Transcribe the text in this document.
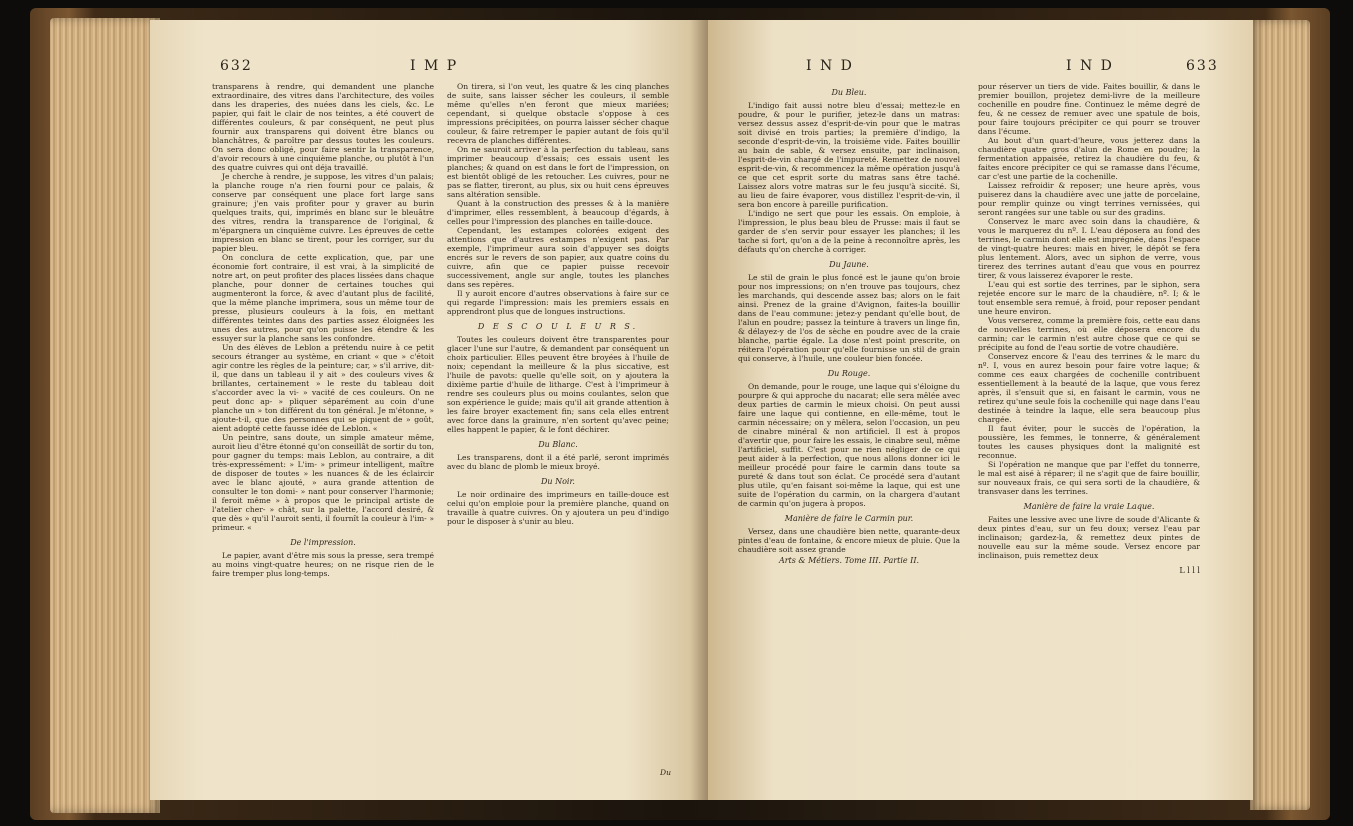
632	I M P

transparens à rendre, qui demandent une planche extraordinaire, des vitres dans l'architecture, des voiles dans les draperies, des nuées dans les ciels, &c. Le papier, qui fait le clair de nos teintes, a été couvert de différentes couleurs, & par conséquent, ne peut plus fournir aux transparens qui doivent être blancs ou blanchâtres, & paroître par dessus toutes les couleurs. On sera donc obligé, pour faire sentir la transparence, d'avoir recours à une cinquième planche, ou plutôt à l'un des quatre cuivres qui ont déja travaillé.

Je cherche à rendre, je suppose, les vitres d'un palais; la planche rouge n'a rien fourni pour ce palais, & conserve par conséquent une place fort large sans grainure; j'en vais profiter pour y graver au burin quelques traits, qui, imprimés en blanc sur le bleuâtre des vitres, rendra la transparence de l'original, & m'épargnera un cinquième cuivre. Les épreuves de cette impression en blanc se tirent, pour les corriger, sur du papier bleu.

On conclura de cette explication, que, par une économie fort contraire, il est vrai, à la simplicité de notre art, on peut profiter des places lissées dans chaque planche, pour donner de certaines touches qui augmenteront la force, & avec d'autant plus de facilité, que la même planche imprimera, sous un même tour de presse, plusieurs couleurs à la fois, en mettant différentes teintes dans des parties assez éloignées les unes des autres, pour qu'on puisse les étendre & les essuyer sur la planche sans les confondre.

Un des élèves de Leblon a prétendu nuire à ce petit secours étranger au système, en criant « que » c'étoit agir contre les règles de la peinture; car, » s'il arrive, dit-il, que dans un tableau il y ait » des couleurs vives & brillantes, certainement » le reste du tableau doit s'accorder avec la vi- » vacité de ces couleurs. On ne peut donc ap- » pliquer séparément au coin d'une planche un » ton différent du ton général. Je m'étonne, » ajoute-t-il, que des personnes qui se piquent de » goût, aient adopté cette fausse idée de Leblon. «

Un peintre, sans doute, un simple amateur même, auroit lieu d'être étonné qu'on conseillât de sortir du ton, pour gagner du temps: mais Leblon, au contraire, a dit très-expressément: » L'im- » primeur intelligent, maître de disposer de toutes » les nuances & de les éclaircir avec le blanc ajouté, » aura grande attention de consulter le ton domi- » nant pour conserver l'harmonie; il feroit même » à propos que le principal artiste de l'atelier cher- » chât, sur la palette, l'accord desiré, & que dès » qu'il l'auroit senti, il fournît la couleur à l'im- » primeur. «

De l'impression.

Le papier, avant d'être mis sous la presse, sera trempé au moins vingt-quatre heures; on ne risque rien de le faire tremper plus long-temps.

On tirera, si l'on veut, les quatre & les cinq planches de suite, sans laisser sécher les couleurs, il semble même qu'elles n'en feront que mieux mariées; cependant, si quelque obstacle s'oppose à ces impressions précipitées, on pourra laisser sécher chaque couleur, & faire retremper le papier autant de fois qu'il recevra de planches différentes.

On ne sauroit arriver à la perfection du tableau, sans imprimer beaucoup d'essais; ces essais usent les planches; & quand on est dans le fort de l'impression, on est bientôt obligé de les retoucher. Les cuivres, pour ne pas se flatter, tireront, au plus, six ou huit cens épreuves sans altération sensible.

Quant à la construction des presses & à la manière d'imprimer, elles ressemblent, à beaucoup d'égards, à celles pour l'impression des planches en taille-douce.

Cependant, les estampes colorées exigent des attentions que d'autres estampes n'exigent pas. Par exemple, l'imprimeur aura soin d'appuyer ses doigts encrés sur le revers de son papier, aux quatre coins du cuivre, afin que ce papier puisse recevoir successivement, angle sur angle, toutes les planches dans ses repères.

Il y auroit encore d'autres observations à faire sur ce qui regarde l'impression: mais les premiers essais en apprendront plus que de longues instructions.

D E S C O U L E U R S.

Toutes les couleurs doivent être transparentes pour glacer l'une sur l'autre, & demandent par conséquent un choix particulier. Elles peuvent être broyées à l'huile de noix; cependant la meilleure & la plus siccative, est l'huile de pavots: quelle qu'elle soit, on y ajoutera la dixième partie d'huile de litharge. C'est à l'imprimeur à rendre ses couleurs plus ou moins coulantes, selon que son expérience le guide; mais qu'il ait grande attention à les faire broyer exactement fin; sans cela elles entrent avec force dans la grainure, n'en sortent qu'avec peine; elles happent le papier, & le font déchirer.

Du Blanc.

Les transparens, dont il a été parlé, seront imprimés avec du blanc de plomb le mieux broyé.

Du Noir.

Le noir ordinaire des imprimeurs en taille-douce est celui qu'on emploie pour la première planche, quand on travaille à quatre cuivres. On y ajoutera un peu d'indigo pour le disposer à s'unir au bleu.

Du
I N D	I N D	633

Du Bleu.

L'indigo fait aussi notre bleu d'essai; mettez-le en poudre, & pour le purifier, jetez-le dans un matras: versez dessus assez d'esprit-de-vin pour que le matras soit divisé en trois parties; la première d'indigo, la seconde d'esprit-de-vin, la troisième vide. Faites bouillir au bain de sable, & versez ensuite, par inclinaison, l'esprit-de-vin chargé de l'impureté. Remettez de nouvel esprit-de-vin, & recommencez la même opération jusqu'à ce que cet esprit sorte du matras sans être taché. Laissez alors votre matras sur le feu jusqu'à siccité. Si, au lieu de faire évaporer, vous distillez l'esprit-de-vin, il sera bon encore à pareille purification.

L'indigo ne sert que pour les essais. On emploie, à l'impression, le plus beau bleu de Prusse: mais il faut se garder de s'en servir pour essayer les planches; il les tache si fort, qu'on a de la peine à reconnoître après, les défauts qu'on cherche à corriger.

Du Jaune.

Le stil de grain le plus foncé est le jaune qu'on broie pour nos impressions; on n'en trouve pas toujours, chez les marchands, qui descende assez bas; alors on le fait ainsi. Prenez de la graine d'Avignon, faites-la bouillir dans de l'eau commune: jetez-y pendant qu'elle bout, de l'alun en poudre; passez la teinture à travers un linge fin, & délayez-y de l'os de sèche en poudre avec de la craie blanche, partie égale. La dose n'est point prescrite, on réitera l'opération pour qu'elle fournisse un stil de grain qui conserve, à l'huile, une couleur bien foncée.

Du Rouge.

On demande, pour le rouge, une laque qui s'éloigne du pourpre & qui approche du nacarat; elle sera mêlée avec deux parties de carmin le mieux choisi. On peut aussi faire une laque qui contienne, en elle-même, tout le carmin nécessaire; on y mêlera, selon l'occasion, un peu de cinabre minéral & non artificiel. Il est à propos d'avertir que, pour faire les essais, le cinabre seul, même l'artificiel, suffit. C'est pour ne rien négliger de ce qui peut aider à la perfection, que nous allons donner ici le meilleur procédé pour faire le carmin dans toute sa pureté & dans tout son éclat. Ce procédé sera d'autant plus utile, qu'en faisant soi-même la laque, qui est une suite de l'opération du carmin, on la chargera d'autant de carmin qu'on jugera à propos.

Manière de faire le Carmin pur.

Versez, dans une chaudière bien nette, quarante-deux pintes d'eau de fontaine, & encore mieux de pluie. Que la chaudière soit assez grande

Arts & Métiers. Tome III. Partie II.

pour réserver un tiers de vide. Faites bouillir, & dans le premier bouillon, projetez demi-livre de la meilleure cochenille en poudre fine. Continuez le même degré de feu, & ne cessez de remuer avec une spatule de bois, pour faire toujours précipiter ce qui pourr se trouver dans l'écume.

Au bout d'un quart-d'heure, vous jetterez dans la chaudière quatre gros d'alun de Rome en poudre; la fermentation appaisée, retirez la chaudière du feu, & faites encore précipiter ce qui se ramasse dans l'écume, car c'est une partie de la cochenille.

Laissez refroidir & reposer; une heure après, vous puiserez dans la chaudière avec une jatte de porcelaine, pour remplir quinze ou vingt terrines vernissées, qui seront rangées sur une table ou sur des gradins.

Conservez le marc avec soin dans la chaudière, & vous le marquerez du nº. I. L'eau déposera au fond des terrines, le carmin dont elle est imprégnée, dans l'espace de vingt-quatre heures: mais en hiver, le dépôt se fera plus lentement. Alors, avec un siphon de verre, vous tirerez des terrines autant d'eau que vous en pourrez tirer, & vous laisserez évaporer le reste.

L'eau qui est sortie des terrines, par le siphon, sera rejetée encore sur le marc de la chaudière, nº. I; & le tout ensemble sera remué, à froid, pour reposer pendant une heure environ.

Vous verserez, comme la première fois, cette eau dans de nouvelles terrines, où elle déposera encore du carmin; car le carmin n'est autre chose que ce qui se précipite au fond de l'eau sortie de votre chaudière.

Conservez encore & l'eau des terrines & le marc du nº. I, vous en aurez besoin pour faire votre laque; & comme ces eaux chargées de cochenille contribuent essentiellement à la beauté de la laque, que vous ferez après, il s'ensuit que si, en faisant le carmin, vous ne retirez qu'une seule fois la cochenille qui nage dans l'eau destinée à teindre la laque, elle sera beaucoup plus chargée.

Il faut éviter, pour le succès de l'opération, la poussière, les femmes, le tonnerre, & généralement toutes les causes physiques dont la malignité est reconnue.

Si l'opération ne manque que par l'effet du tonnerre, le mal est aisé à réparer; il ne s'agit que de faire bouillir, sur nouveaux frais, ce qui sera sorti de la chaudière, & transvaser dans les terrines.

Manière de faire la vraie Laque.

Faites une lessive avec une livre de soude d'Alicante & deux pintes d'eau, sur un feu doux; versez l'eau par inclinaison; gardez-la, & remettez deux pintes de nouvelle eau sur la même soude. Versez encore par inclinaison, puis remettez deux

L l l l
